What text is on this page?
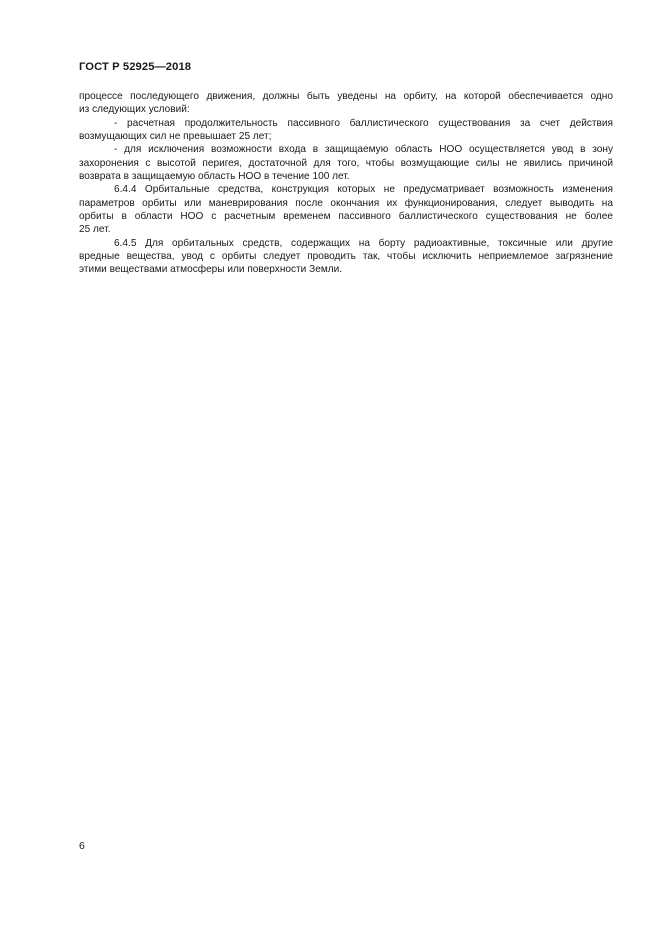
ГОСТ Р 52925—2018
процессе последующего движения, должны быть уведены на орбиту, на которой обеспечивается одно
из следующих условий:
- расчетная продолжительность пассивного баллистического существования за счет действия
возмущающих сил не превышает 25 лет;
- для исключения возможности входа в защищаемую область НОО осуществляется увод в зону
захоронения с высотой перигея, достаточной для того, чтобы возмущающие силы не явились причиной
возврата в защищаемую область НОО в течение 100 лет.
6.4.4 Орбитальные средства, конструкция которых не предусматривает возможность изменения
параметров орбиты или маневрирования после окончания их функционирования, следует выводить на
орбиты в области НОО с расчетным временем пассивного баллистического существования не более
25 лет.
6.4.5 Для орбитальных средств, содержащих на борту радиоактивные, токсичные или другие
вредные вещества, увод с орбиты следует проводить так, чтобы исключить неприемлемое загрязнение
этими веществами атмосферы или поверхности Земли.
6
